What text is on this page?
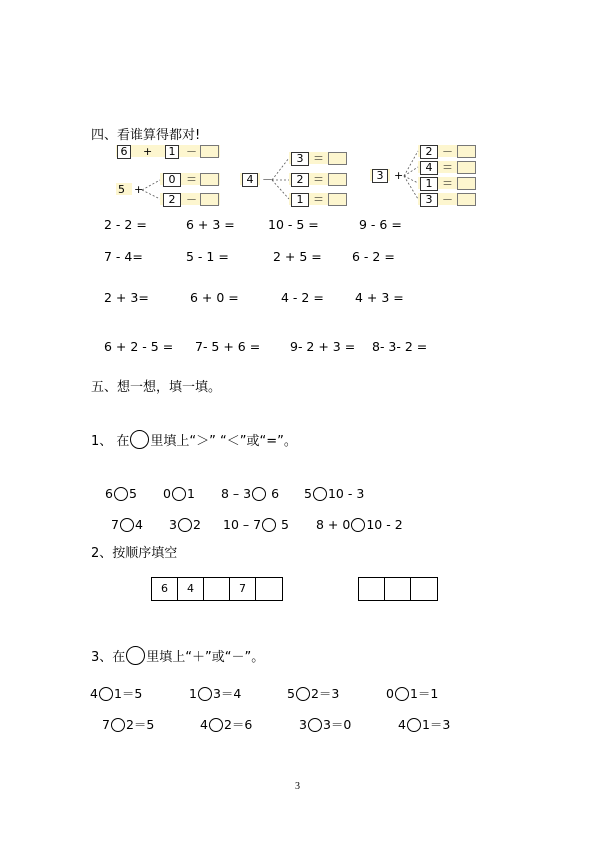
四、看谁算得都对!
6	+	1 －
5 +
0 ＝
2 －
4 －
3 ＝
2 ＝
1 ＝
3 +
2 －
4 ＝
1 ＝
3 －
2 - 2 =	6 + 3 =	10 - 5 =	9 - 6 =
7 - 4=	5 - 1 =	2 + 5 = 6 - 2 =
2 + 3=	6 + 0 =	4 - 2 = 4 + 3 =
6 + 2 - 5 = 7- 5 + 6 = 9- 2 + 3 = 8- 3- 2 =
五、想一想，填一填。
1、 在 里填上“＞” “＜”或“=”。
6 5 0 1 8 – 3 6 5 10 - 3
7 4 3 2 10 – 7 5 8 + 0 10 - 2
2、按顺序填空
6	4	7
3、在 里填上“＋”或“－”。
4 1＝5	1 3＝4	5 2＝3	0 1＝1
7 2＝5	4 2＝6	3 3＝0	4 1＝3
3
